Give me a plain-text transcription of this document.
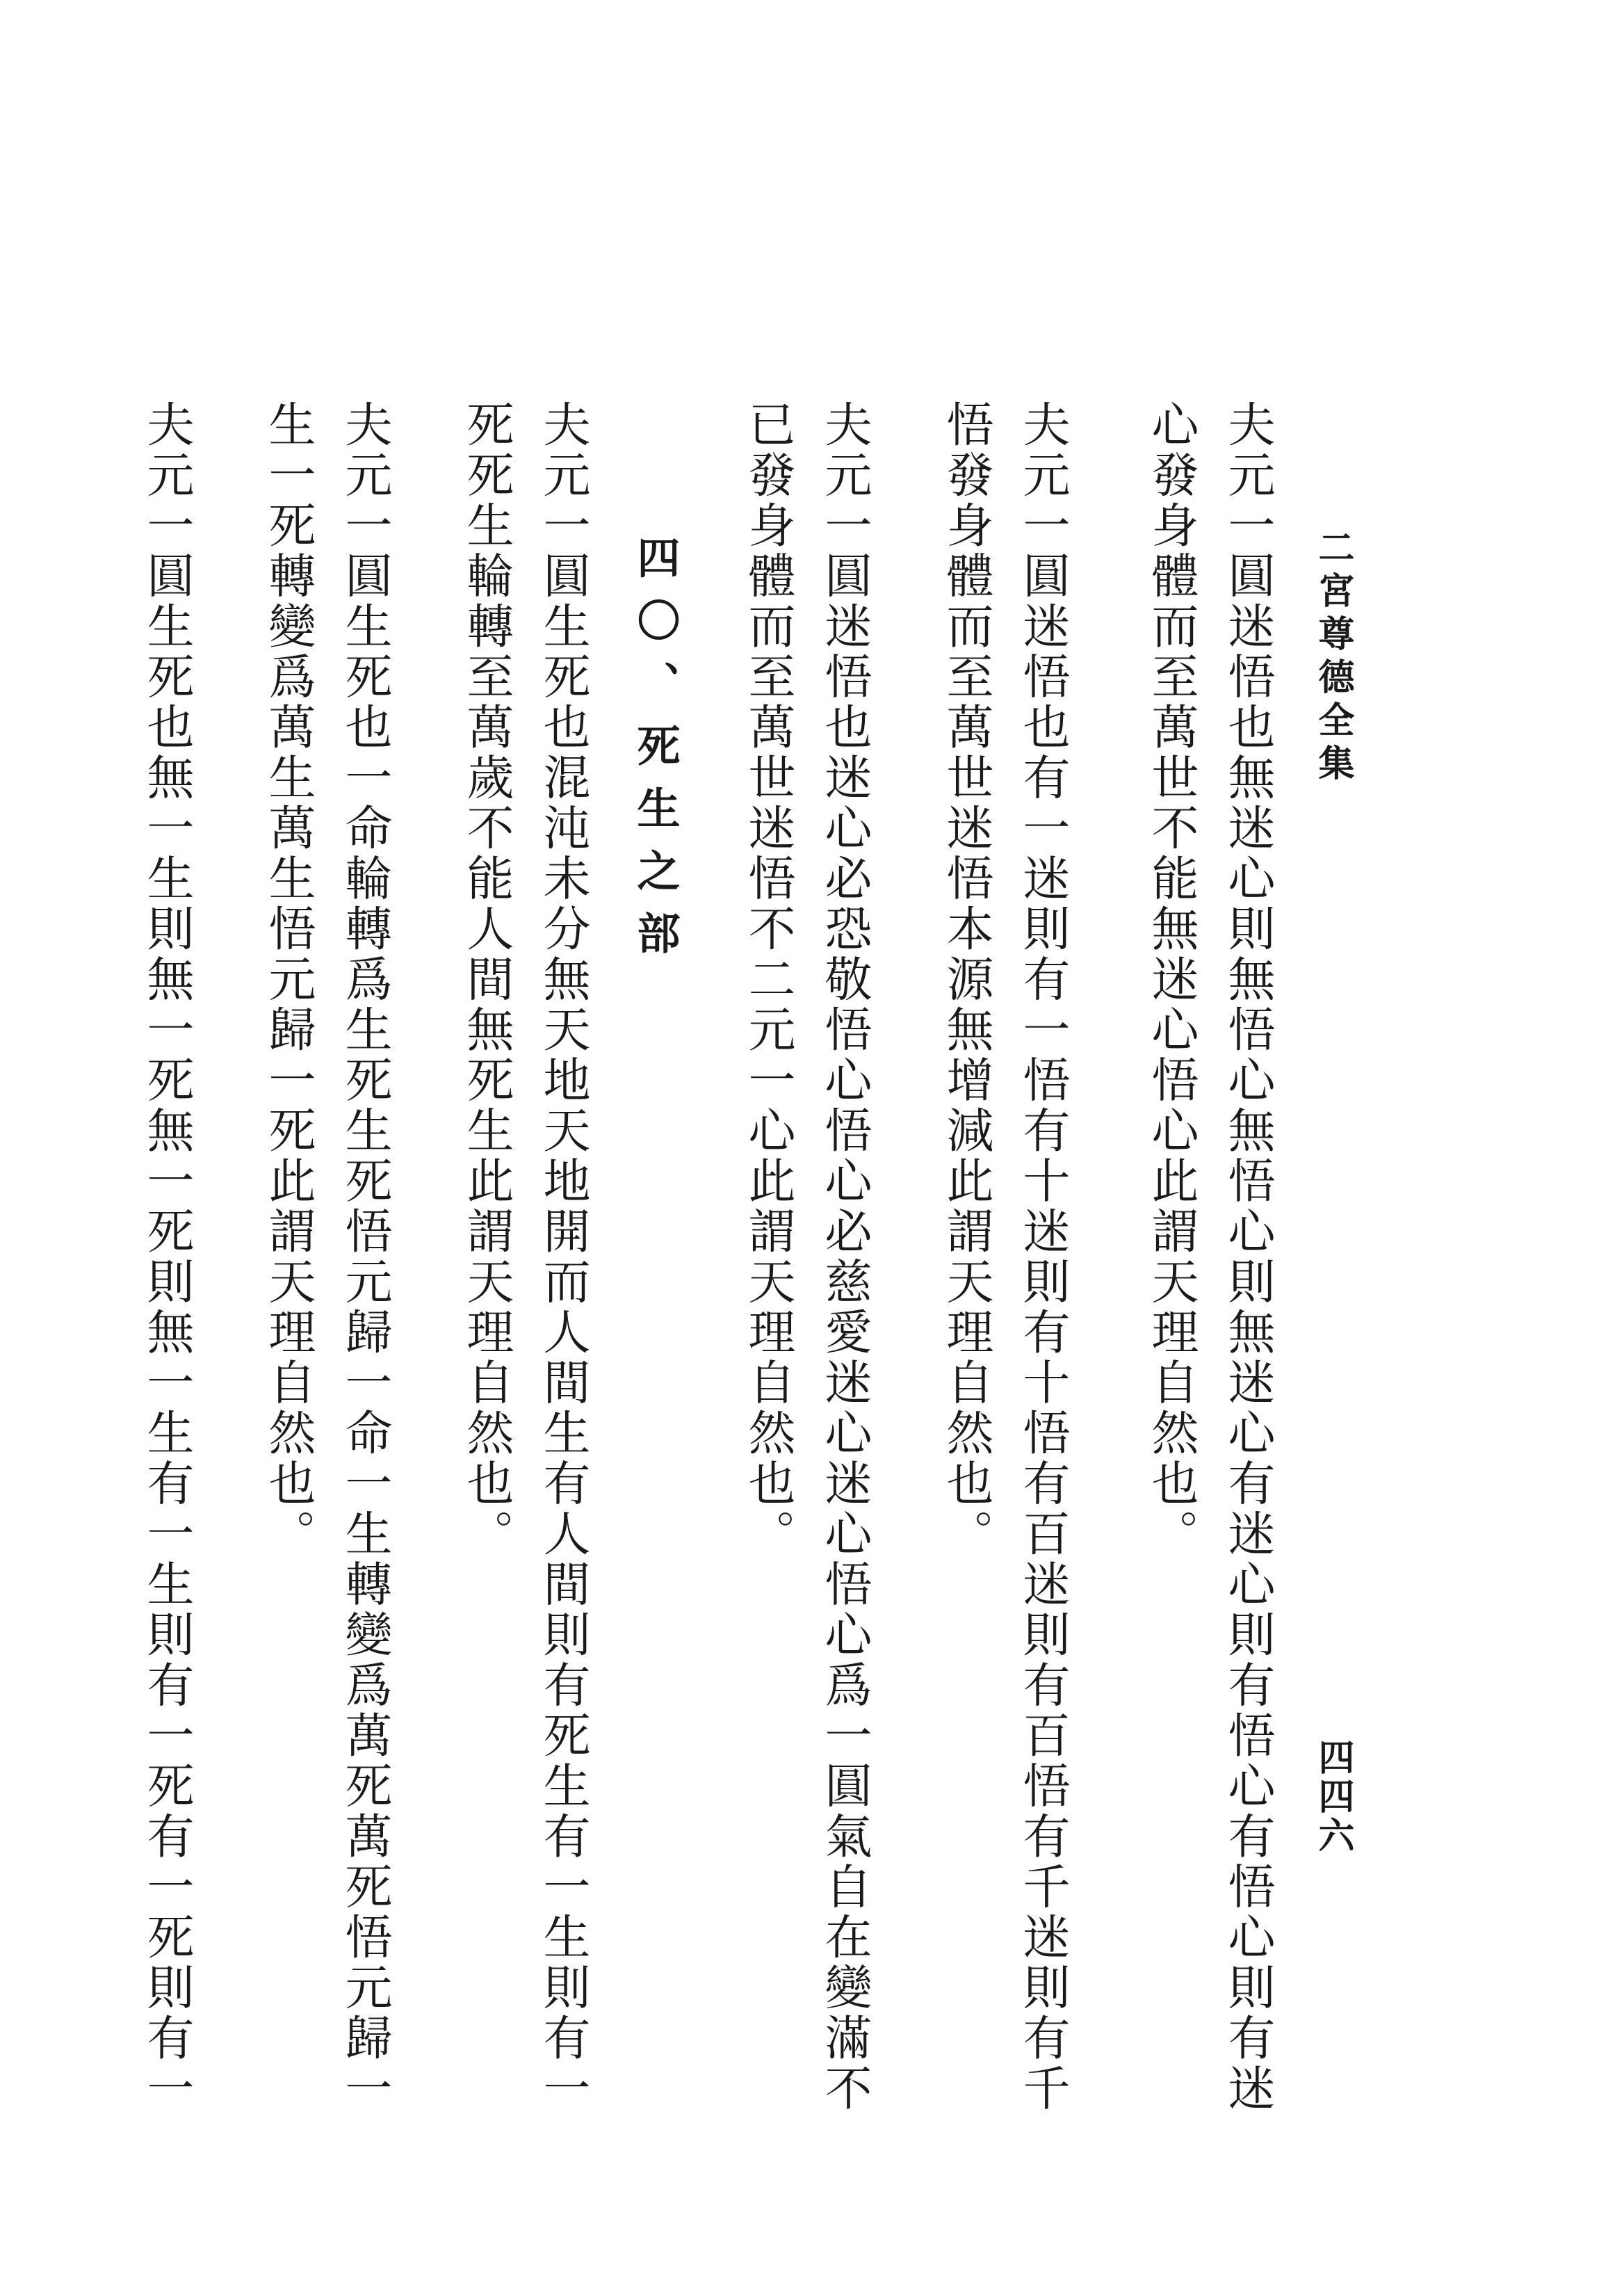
二宮尊德全集
四四六
夫元一圓迷悟也無迷心則無悟心無悟心則無迷心有迷心則有悟心有悟心則有迷
心發身體而至萬世不能無迷心悟心此謂天理自然也。
夫元一圓迷悟也有一迷則有一悟有十迷則有十悟有百迷則有百悟有千迷則有千
悟發身體而至萬世迷悟本源無增減此謂天理自然也。
夫元一圓迷悟也迷心必恐敬悟心悟心必慈愛迷心迷心悟心爲一圓氣自在變滿不
已發身體而至萬世迷悟不二元一心此謂天理自然也。
四〇、死生之部
夫元一圓生死也混沌未分無天地天地開而人間生有人間則有死生有一生則有一
死死生輪轉至萬歲不能人間無死生此謂天理自然也。
夫元一圓生死也一命輪轉爲生死生死悟元歸一命一生轉變爲萬死萬死悟元歸一
生一死轉變爲萬生萬生悟元歸一死此謂天理自然也。
夫元一圓生死也無一生則無一死無一死則無一生有一生則有一死有一死則有一
